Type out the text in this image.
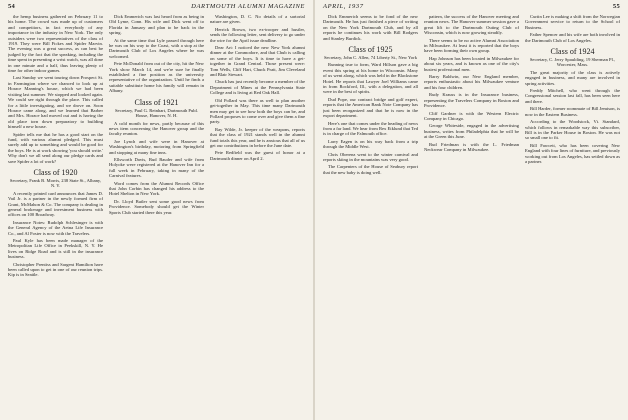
54	DARTMOUTH ALUMNI MAGAZINE

the hemp business gathered on February 11 to his home. The crowd was made up of customers and competitors, in fact everybody of any importance in the industry in New York. The only outsiders were two representatives of the class of 1919. They were Bill Fickes and Spider Marvin. The evening was a great success, as can best be judged by the fact that the speaking, including the time spent in presenting a wrist watch, was all done in one minute and a half, thus leaving plenty of time for other indoor games.

Last Sunday we went touring down Prospect St. in Farmington where we chanced to look up at Horace Manning's house, which we had been visiting last summer. We stopped and looked again. We could see right through the place. This called for a little investigating, and we drove on. Soon Horace came along, and we learned that Barber and Mrs. Horace had moved out and is having the old place torn down preparatory to building himself a new house.

Spider tells me that he has a good start on the fund, with various alumni pledged. This must surely add up to something and would be good for the boys. He is at work showing 'you should write.' Why don't we all send along our pledge cards and save Spider a lot of work?

Class of 1920
Secretary, Frank B. Morris, 238 State St., Albany, N. Y.

A recently printed card announces that James D. Vail Jr. is a partner in the newly formed firm of Grant, McMahon & Co. The company is dealing in general brokerage and investment business with offices on 100 Broadway.

Insurance Notes: Rudolph Schlesinger is with the General Agency of the Aetna Life Insurance Co., and Al Foster is now with the Travelers.

Paul Kyle has been made manager of the Metropolitan Life Office in Peekskill, N. Y. He lives on Ridge Road and is still in the insurance business.

Christopher Prentiss and Sargent Hamilton have been called upon to get in one of our reunion trips. Kip is in Seattle.

Dick Emmerich was last heard from as being in Old Lyme, Conn. His wife and Dick went off to Florida in January and plan to be back in the spring.

At the same time that Lyle passed through here he was on his way to the Coast, with a stop at the Dartmouth Club of Los Angeles where he was welcomed.

Pete McDonald from out of the city, hit the New York show March 14, and we're sure he finally established a fine position as the university representative of the organization. Until he finds a suitable substitute home his family will remain in Albany.

Class of 1921
Secretary, Paul G. Reinhart, Dartmouth Publ. House, Hanover, N. H.

A cold month for news, partly because of this news item concerning the Hanover group and the faculty reunion.

Joe Lynch and wife were in Hanover at Washington's birthday, motoring from Springfield and stopping at many fine inns.

Ellsworth Davis, Bud Bauder and wife from Holyoke were registered at the Hanover Inn for a full week in February, taking in many of the Carnival features.

Word comes from the Alumni Records Office that John Corbin has changed his address to the Hotel Shelton in New York.

Dr. Lloyd Butler sent some good news from Providence. Somebody should get the Winter Sports Club started there this year.

Washington, D. C. No details of a sartorial nature are given.

Herrick Brown, two ex-trooper and hustler, sends the following letter, sent delivery to go under the wire for the April issue deadline.

Dear Art: I noticed the new New York alumni dinner at the Commodore, and that Chub is calling on some of the boys. It is time to have a get-together in Grand Central. Those present were: Tom Wells, Cliff Hart, Chuck Pratt, Jim Cleveland and Blair Stewart.

Chuck has just recently become a member of the Department of Mines at the Pennsylvania State College and is living at Red Oak Hall.

Old Pollard was there as well to plan another get-together in May. This time many Dartmouth men may get to see how both the boys can be, and Pollard proposes to come over and give them a fine party.

Ray Wilde, Jr. keeper of the weapons, reports that the class of 1921 stands well in the alumni fund totals this year, and he is anxious that all of us get our contributions in before the June date.

Pete Redfield was the guest of honor at a Dartmouth dinner on April 2.

APRIL, 1937	55

Dick Emmerich seems to be fond of the new Dartmouth. He has just finished a piece of writing on the New York Dartmouth Club, and by all reports he continues his work with Bill Rodgers and Stanley Burdick.

Class of 1925
Secretary, John C. Allen, 74 Liberty St., New York

Running true to form, Ward Hillson gave a big event this spring at his home in Wisconsin. Many of us went along, which was held in the Blackstone Hotel. He reports that Lawyer Joel Williams came in from Rockford, Ill., with a delegation, and all were in the best of spirits.

Dud Pope, our contract bridge and golf expert, reports that the American Bank Note Company has just been reorganized and that he is now in the export department.

Here's one that comes under the heading of news from a far land. We hear from Rex Eiklund that Ted is in charge of the Falmouth office.

Larry Eagen is on his way back from a trip through the Middle West.

Chris Oberenz went to the winter carnival and reports skiing in the mountains was very good.

The Carpenters of the House of Seabury report that the new baby is doing well.

pattern, the success of the Hanover meeting and reunion news. The Hanover summer session gave a great lift to the Dartmouth Outing Club of Wisconsin, which is now growing steadily.

There seems to be no active Alumni Association in Milwaukee. At least it is reported that the boys have been forming their own group.

Hap Johnson has been located in Milwaukee for about six years, and is known as one of the city's busiest professional men.

Barry Baldwin, our New England member, reports enthusiastic about his Milwaukee venture and his four children.

Rudy Krauss is in the Insurance business, representing the Travelers Company in Boston and Providence.

Cliff Gardner is with the Western Electric Company in Chicago.

George Whiteside, engaged in the advertising business, writes from Philadelphia that he will be at the Green this June.

Bud Friedman is with the L. Friedman Neckwear Company in Milwaukee.

Curtin Lee is making a shift from the Norwegian Government service to return to the School of Business.

Father Spencer and his wife are both involved in the Dartmouth Club of Los Angeles.

Class of 1924
Secretary, C. Jerry Spaulding, 19 Sherman Pl., Worcester, Mass.

The great majority of the class is actively engaged in business, and many are involved in spring activities.

Freddy Mitchell, who went through the Congressional session last fall, has been seen here and there.

Bill Harder, former roommate of Bill Jemison, is now in the Eastern Business.

According to the Woodstock, Vt. Standard, which follows in remarkable way this subscriber, Bill is in the Parker House in Boston. He was not so small one to fit.

Bill Fawcett, who has been covering New England with four lines of furniture, and previously working out from Los Angeles, has settled down as a partner.
